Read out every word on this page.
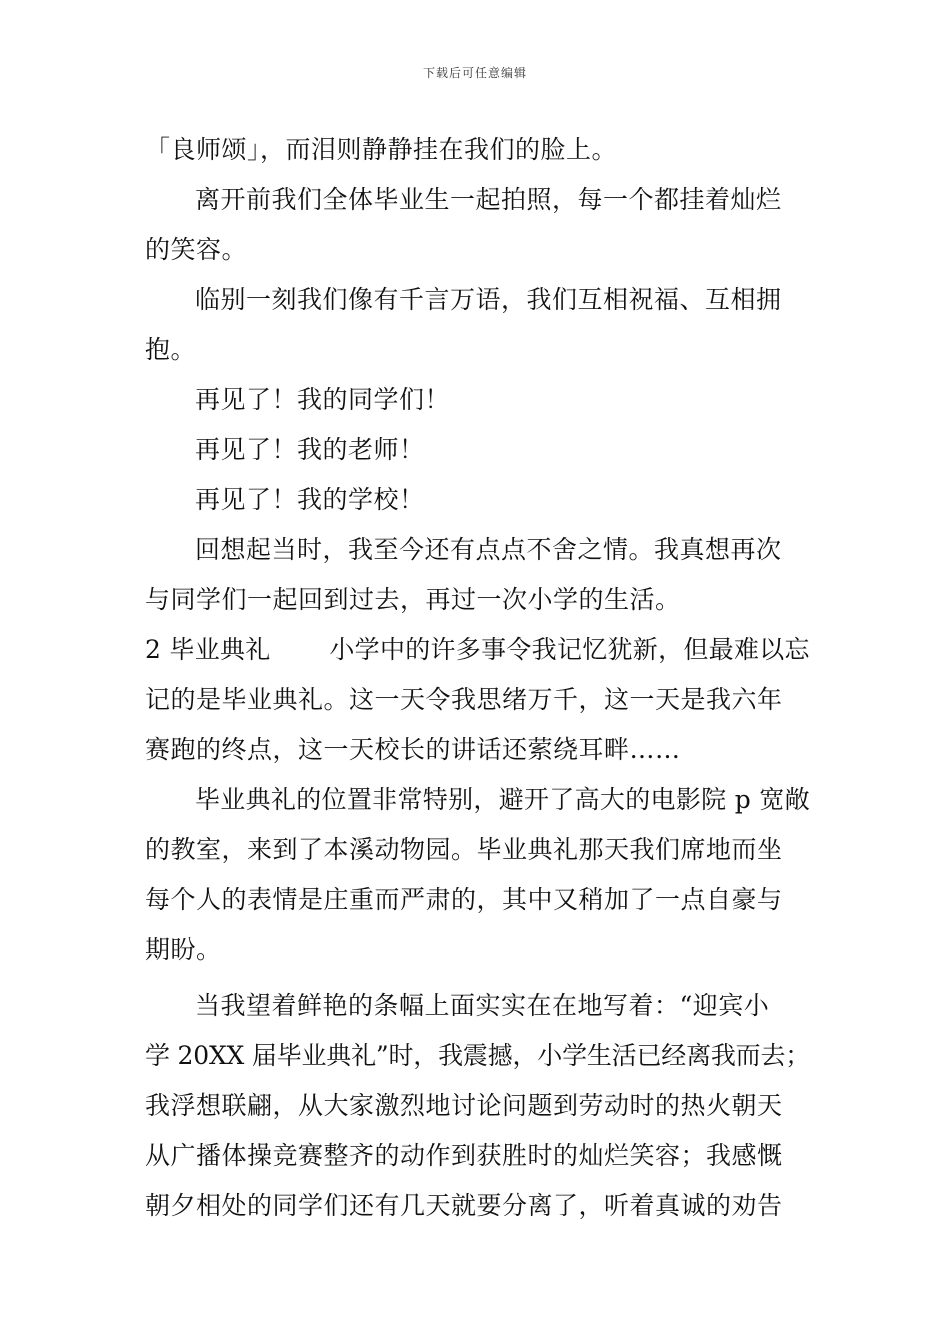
下载后可任意编辑
「良师颂」，而泪则静静挂在我们的脸上。
离开前我们全体毕业生一起拍照，每一个都挂着灿烂
的笑容。
临别一刻我们像有千言万语，我们互相祝福、互相拥
抱。
再见了！我的同学们！
再见了！我的老师！
再见了！我的学校！
回想起当时，我至今还有点点不舍之情。我真想再次
与同学们一起回到过去，再过一次小学的生活。
2 毕业典礼　　 小学中的许多事令我记忆犹新，但最难以忘
记的是毕业典礼。这一天令我思绪万千，这一天是我六年
赛跑的终点，这一天校长的讲话还萦绕耳畔……
毕业典礼的位置非常特别，避开了高大的电影院 p 宽敞
的教室，来到了本溪动物园。毕业典礼那天我们席地而坐
每个人的表情是庄重而严肃的，其中又稍加了一点自豪与
期盼。
当我望着鲜艳的条幅上面实实在在地写着：“迎宾小
学 20XX 届毕业典礼”时，我震撼，小学生活已经离我而去；
我浮想联翩，从大家激烈地讨论问题到劳动时的热火朝天
从广播体操竞赛整齐的动作到获胜时的灿烂笑容；我感慨
朝夕相处的同学们还有几天就要分离了，听着真诚的劝告
